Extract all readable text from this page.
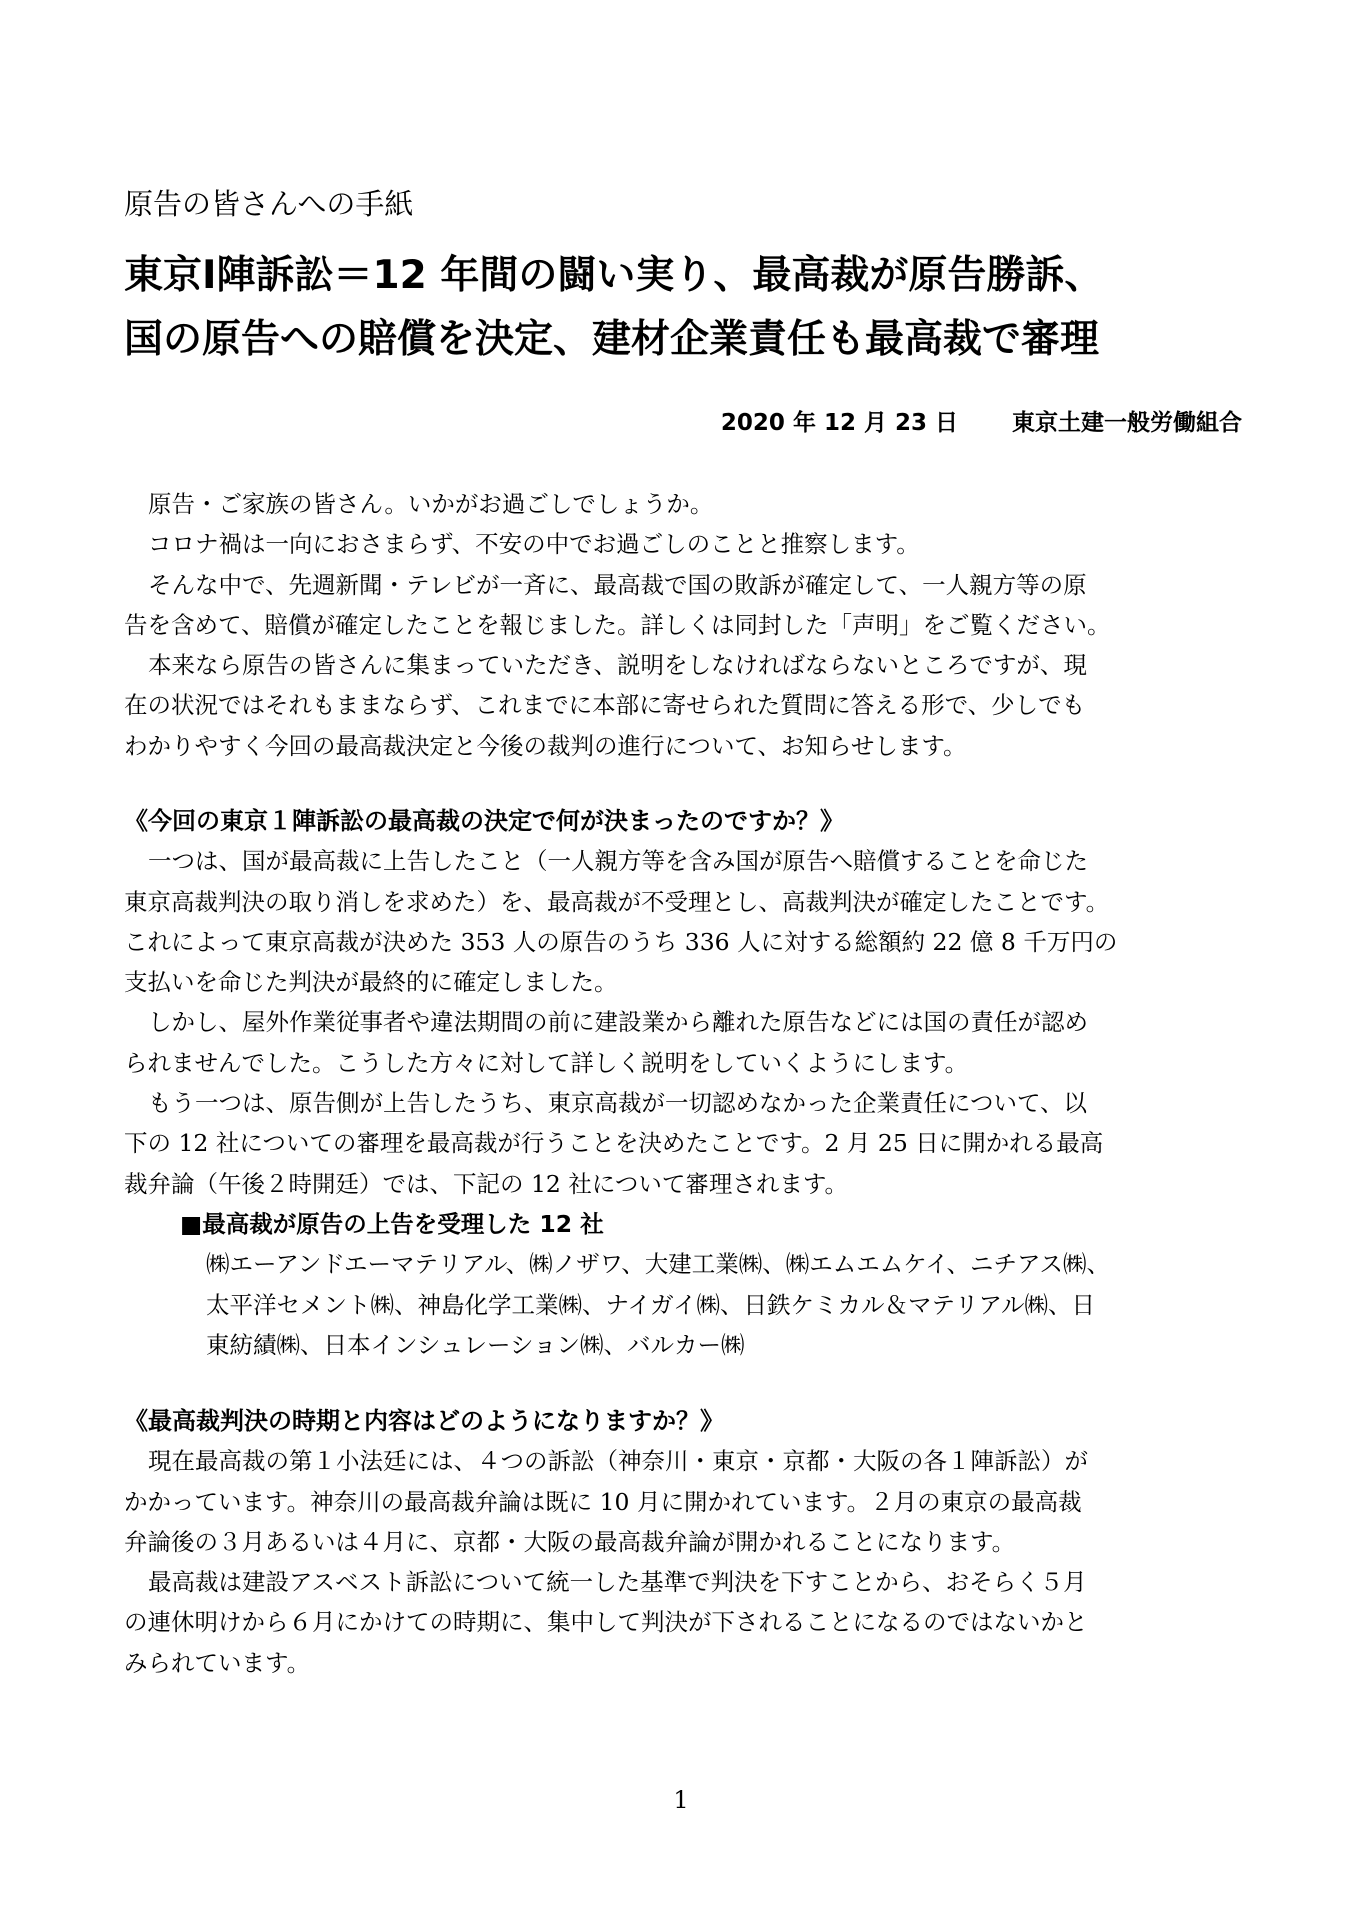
原告の皆さんへの手紙
東京Ⅰ陣訴訟＝12 年間の闘い実り、最高裁が原告勝訴、
国の原告への賠償を決定、建材企業責任も最高裁で審理
2020 年 12 月 23 日 東京土建一般労働組合
原告・ご家族の皆さん。いかがお過ごしでしょうか。
コロナ禍は一向におさまらず、不安の中でお過ごしのことと推察します。
そんな中で、先週新聞・テレビが一斉に、最高裁で国の敗訴が確定して、一人親方等の原
告を含めて、賠償が確定したことを報じました。詳しくは同封した「声明」をご覧ください。
本来なら原告の皆さんに集まっていただき、説明をしなければならないところですが、現
在の状況ではそれもままならず、これまでに本部に寄せられた質問に答える形で、少しでも
わかりやすく今回の最高裁決定と今後の裁判の進行について、お知らせします。
《今回の東京１陣訴訟の最高裁の決定で何が決まったのですか？》
一つは、国が最高裁に上告したこと（一人親方等を含み国が原告へ賠償することを命じた
東京高裁判決の取り消しを求めた）を、最高裁が不受理とし、高裁判決が確定したことです。
これによって東京高裁が決めた 353 人の原告のうち 336 人に対する総額約 22 億 8 千万円の
支払いを命じた判決が最終的に確定しました。
しかし、屋外作業従事者や違法期間の前に建設業から離れた原告などには国の責任が認め
られませんでした。こうした方々に対して詳しく説明をしていくようにします。
もう一つは、原告側が上告したうち、東京高裁が一切認めなかった企業責任について、以
下の 12 社についての審理を最高裁が行うことを決めたことです。2 月 25 日に開かれる最高
裁弁論（午後２時開廷）では、下記の 12 社について審理されます。
■最高裁が原告の上告を受理した 12 社
㈱エーアンドエーマテリアル、㈱ノザワ、大建工業㈱、㈱エムエムケイ、ニチアス㈱、
太平洋セメント㈱、神島化学工業㈱、ナイガイ㈱、日鉄ケミカル＆マテリアル㈱、日
東紡績㈱、日本インシュレーション㈱、バルカー㈱
《最高裁判決の時期と内容はどのようになりますか？》
現在最高裁の第１小法廷には、４つの訴訟（神奈川・東京・京都・大阪の各１陣訴訟）が
かかっています。神奈川の最高裁弁論は既に 10 月に開かれています。２月の東京の最高裁
弁論後の３月あるいは４月に、京都・大阪の最高裁弁論が開かれることになります。
最高裁は建設アスベスト訴訟について統一した基準で判決を下すことから、おそらく５月
の連休明けから６月にかけての時期に、集中して判決が下されることになるのではないかと
みられています。
1
